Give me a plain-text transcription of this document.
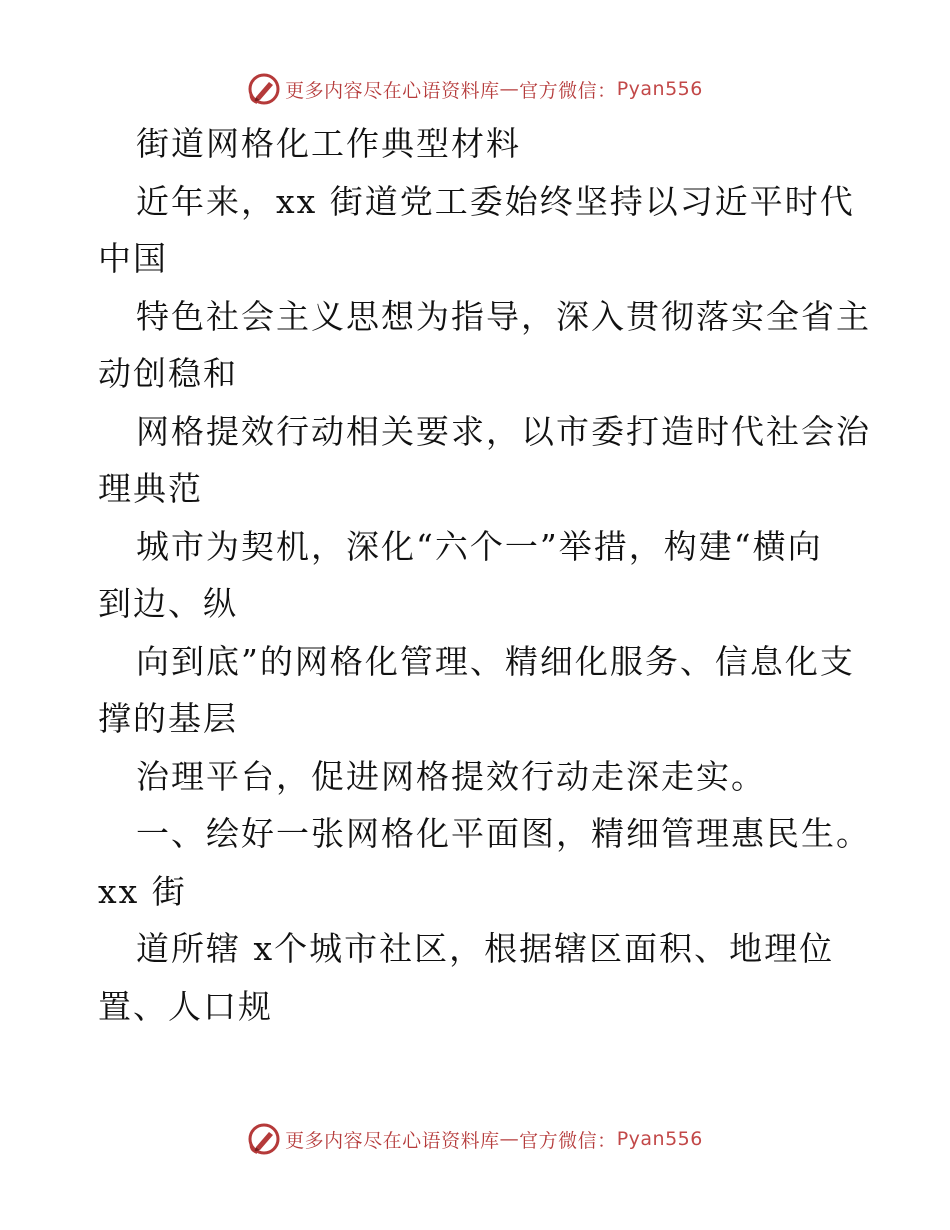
更多内容尽在心语资料库 — 官方微信： Pyan556
街道网格化工作典型材料
近年来，xx 街道党工委始终坚持以习近平时代
中国
特色社会主义思想为指导，深入贯彻落实全省主
动创稳和
网格提效行动相关要求，以市委打造时代社会治
理典范
城市为契机，深化“六个一”举措，构建“横向
到边、纵
向到底”的网格化管理、精细化服务、信息化支
撑的基层
治理平台，促进网格提效行动走深走实。
一、绘好一张网格化平面图，精细管理惠民生。
xx 街
道所辖 x个城市社区，根据辖区面积、地理位
置、人口规
更多内容尽在心语资料库 — 官方微信： Pyan556
